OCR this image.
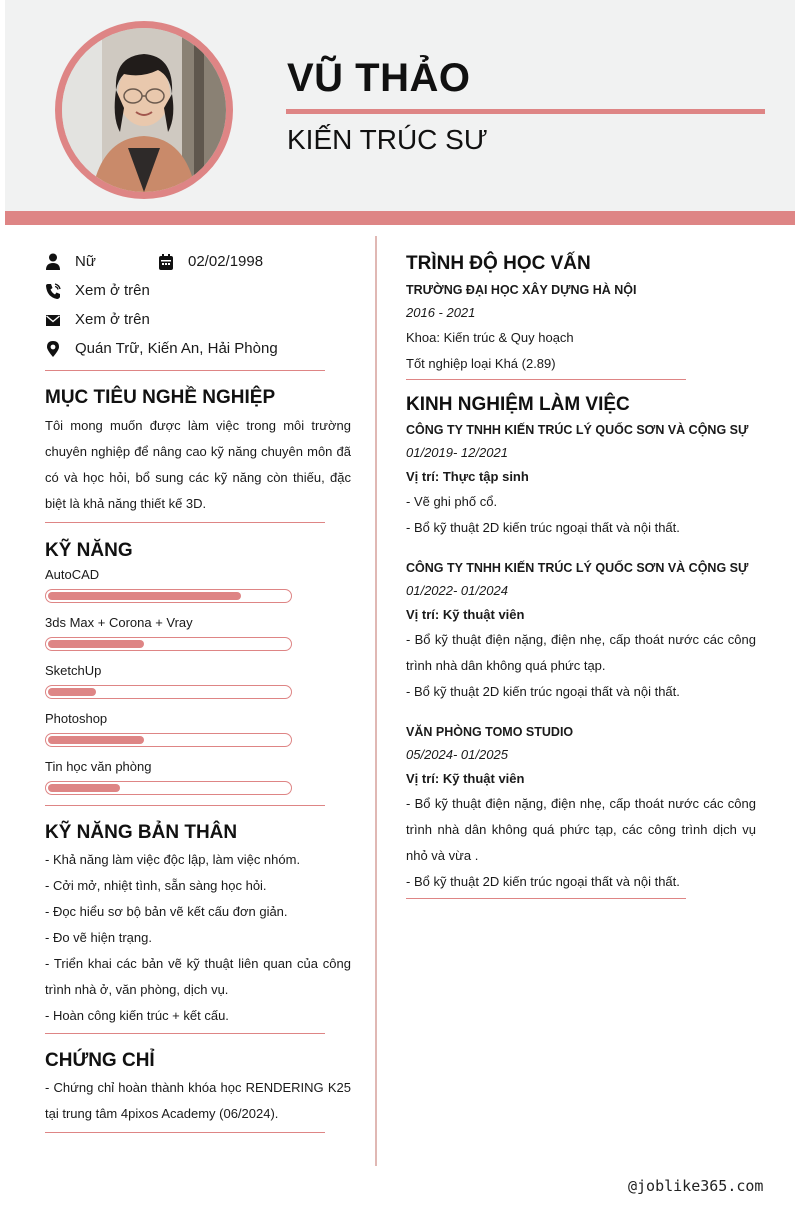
VŨ THẢO
KIẾN TRÚC SƯ
Nữ	02/02/1998
Xem ở trên
Xem ở trên
Quán Trữ, Kiến An, Hải Phòng
MỤC TIÊU NGHỀ NGHIỆP
Tôi mong muốn được làm việc trong môi trường chuyên nghiệp để nâng cao kỹ năng chuyên môn đã có và học hỏi, bổ sung các kỹ năng còn thiếu, đặc biệt là khả năng thiết kế 3D.
KỸ NĂNG
AutoCAD
3ds Max + Corona + Vray
SketchUp
Photoshop
Tin học văn phòng
KỸ NĂNG BẢN THÂN
- Khả năng làm việc độc lập, làm việc nhóm.
- Cởi mở, nhiệt tình, sẵn sàng học hỏi.
- Đọc hiểu sơ bộ bản vẽ kết cấu đơn giản.
- Đo vẽ hiện trạng.
- Triển khai các bản vẽ kỹ thuật liên quan của công trình nhà ở, văn phòng, dịch vụ.
- Hoàn công kiến trúc + kết cấu.
CHỨNG CHỈ
- Chứng chỉ hoàn thành khóa học RENDERING K25 tại trung tâm 4pixos Academy (06/2024).
TRÌNH ĐỘ HỌC VẤN
TRƯỜNG ĐẠI HỌC XÂY DỰNG HÀ NỘI
2016 - 2021
Khoa: Kiến trúc & Quy hoạch
Tốt nghiệp loại Khá (2.89)
KINH NGHIỆM LÀM VIỆC
CÔNG TY TNHH KIẾN TRÚC LÝ QUỐC SƠN VÀ CỘNG SỰ
01/2019- 12/2021
Vị trí: Thực tập sinh
- Vẽ ghi phố cổ.
- Bổ kỹ thuật 2D kiến trúc ngoại thất và nội thất.
CÔNG TY TNHH KIẾN TRÚC LÝ QUỐC SƠN VÀ CỘNG SỰ
01/2022- 01/2024
Vị trí: Kỹ thuật viên
- Bổ kỹ thuật điện nặng, điện nhẹ, cấp thoát nước các công trình nhà dân không quá phức tạp.
- Bổ kỹ thuật 2D kiến trúc ngoại thất và nội thất.
VĂN PHÒNG TOMO STUDIO
05/2024- 01/2025
Vị trí: Kỹ thuật viên
- Bổ kỹ thuật điện nặng, điện nhẹ, cấp thoát nước các công trình nhà dân không quá phức tạp, các công trình dịch vụ nhỏ và vừa .
- Bổ kỹ thuật 2D kiến trúc ngoại thất và nội thất.
@joblike365.com
